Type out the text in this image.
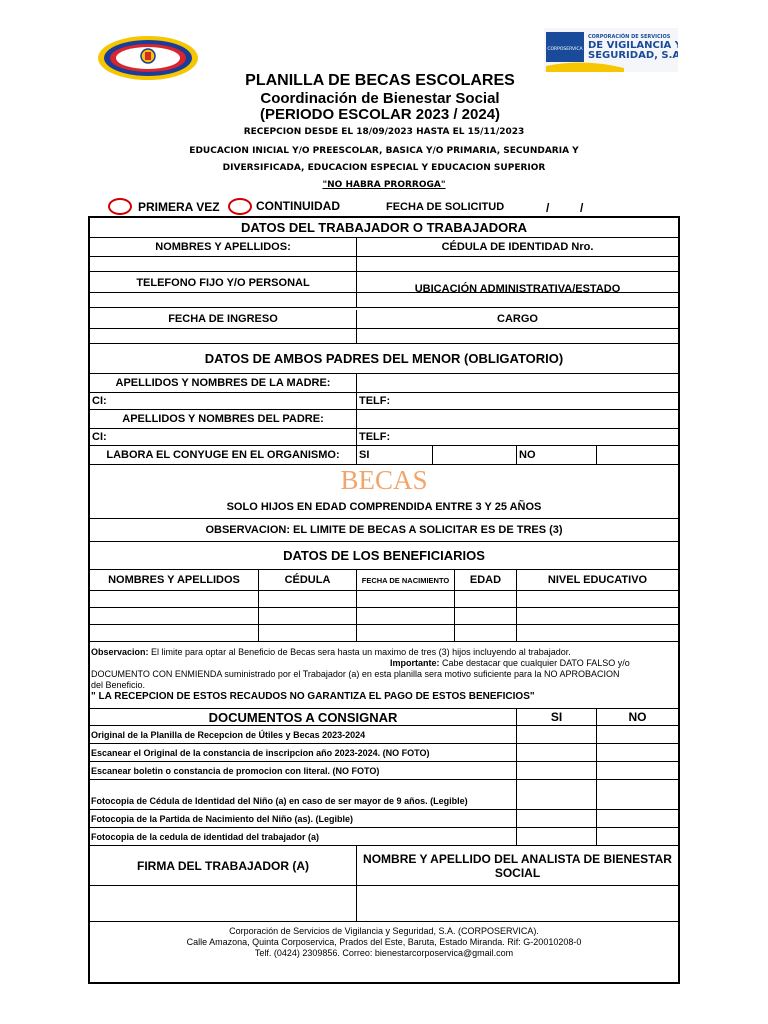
CORPOSERVICA
CORPORACIÓN DE SERVICIOS
DE VIGILANCIA Y
SEGURIDAD, S.A.
PLANILLA DE BECAS ESCOLARES
Coordinación de Bienestar Social
(PERIODO ESCOLAR 2023 / 2024)
RECEPCION DESDE EL 18/09/2023 HASTA EL 15/11/2023
EDUCACION INICIAL Y/O PREESCOLAR, BASICA Y/O PRIMARIA, SECUNDARIA Y
DIVERSIFICADA, EDUCACION ESPECIAL Y EDUCACION SUPERIOR
"NO HABRA PRORROGA"
PRIMERA VEZ	CONTINUIDAD	FECHA DE SOLICITUD	/	/
DATOS DEL TRABAJADOR O TRABAJADORA
NOMBRES Y APELLIDOS:	CÉDULA DE IDENTIDAD Nro.
TELEFONO FIJO Y/O PERSONAL	UBICACIÓN ADMINISTRATIVA/ESTADO
FECHA DE INGRESO	CARGO
DATOS DE AMBOS PADRES DEL MENOR (OBLIGATORIO)
APELLIDOS Y NOMBRES DE LA MADRE:
CI:	TELF:
APELLIDOS Y NOMBRES DEL PADRE:
CI:	TELF:
LABORA EL CONYUGE EN EL ORGANISMO:	SI	NO
BECAS
SOLO HIJOS EN EDAD COMPRENDIDA ENTRE 3 Y 25 AÑOS
OBSERVACION: EL LIMITE DE BECAS A SOLICITAR ES DE TRES (3)
DATOS DE LOS BENEFICIARIOS
NOMBRES Y APELLIDOS	CÉDULA	FECHA DE NACIMIENTO	EDAD	NIVEL EDUCATIVO
Observacion: El limite para optar al Beneficio de Becas sera hasta un maximo de tres (3) hijos incluyendo al trabajador.
Importante: Cabe destacar que cualquier DATO FALSO y/o
DOCUMENTO CON ENMIENDA suministrado por el Trabajador (a) en esta planilla sera motivo suficiente para la NO APROBACION
del Beneficio.
" LA RECEPCION DE ESTOS RECAUDOS NO GARANTIZA EL PAGO DE ESTOS BENEFICIOS"
DOCUMENTOS A CONSIGNAR	SI	NO
Original de la Planilla de Recepcion de Útiles y Becas 2023-2024
Escanear el Original de la constancia de inscripcion año 2023-2024. (NO FOTO)
Escanear boletin o constancia de promocion con literal. (NO FOTO)
Fotocopia de Cédula de Identidad del Niño (a) en caso de ser mayor de 9 años. (Legible)
Fotocopia de la Partida de Nacimiento del Niño (as). (Legible)
Fotocopia de la cedula de identidad del trabajador (a)
FIRMA DEL TRABAJADOR (A)	NOMBRE Y APELLIDO DEL ANALISTA DE BIENESTAR SOCIAL
Corporación de Servicios de Vigilancia y Seguridad, S.A. (CORPOSERVICA).
Calle Amazona, Quinta Corposervica, Prados del Este, Baruta, Estado Miranda. Rif: G-20010208-0
Telf. (0424) 2309856. Correo: bienestarcorposervica@gmail.com
